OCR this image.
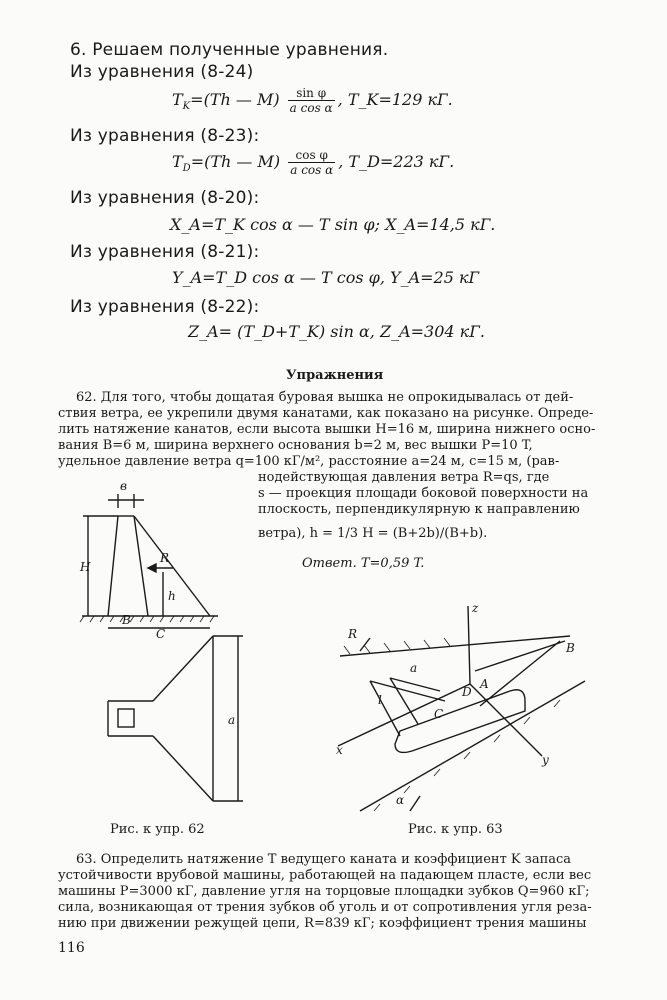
6. Решаем полученные уравнения.
Из уравнения (8-24)
$T_K=(Th$ — $M) \frac{\text{sin φ}}{\text{a cos α}}$ , T_K=129 кГ.
Из уравнения (8-23):
$T_D=(Th$ — $M) \frac{\text{cos φ}}{\text{a cos α}}$ , T_D=223 кГ.
Из уравнения (8-20):
X_A=T_K cos α — T sin φ; X_A=14,5 кГ.
Из уравнения (8-21):
Y_A=T_D cos α — T cos φ, Y_A=25 кГ
Из уравнения (8-22):
Z_A= (T_D+T_K) sin α, Z_A=304 кГ.
Упражнения
62. Для того, чтобы дощатая буровая вышка не опрокидывалась от дей-
ствия ветра, ее укрепили двумя канатами, как показано на рисунке. Опреде-
лить натяжение канатов, если высота вышки H=16 м, ширина нижнего осно-
вания B=6 м, ширина верхнего основания b=2 м, вес вышки P=10 T,
удельное давление ветра q=100 кГ/м², расстояние a=24 м, c=15 м, (рав-
нодействующая давления ветра R=qs, где
s — проекция площади боковой поверхности на
плоскость, перпендикулярную к направлению
ветра), h = 1/3 H = (B+2b)/(B+b).
Ответ. T=0,59 T.
в
H
R
h
B
C
a
z
R
a
B
D
A
C
l
x
y
α
Рис. к упр. 62	Рис. к упр. 63
63. Определить натяжение T ведущего каната и коэффициент K запаса
устойчивости врубовой машины, работающей на падающем пласте, если вес
машины P=3000 кГ, давление угля на торцовые площадки зубков Q=960 кГ;
сила, возникающая от трения зубков об уголь и от сопротивления угля реза-
нию при движении режущей цепи, R=839 кГ; коэффициент трения машины
116
